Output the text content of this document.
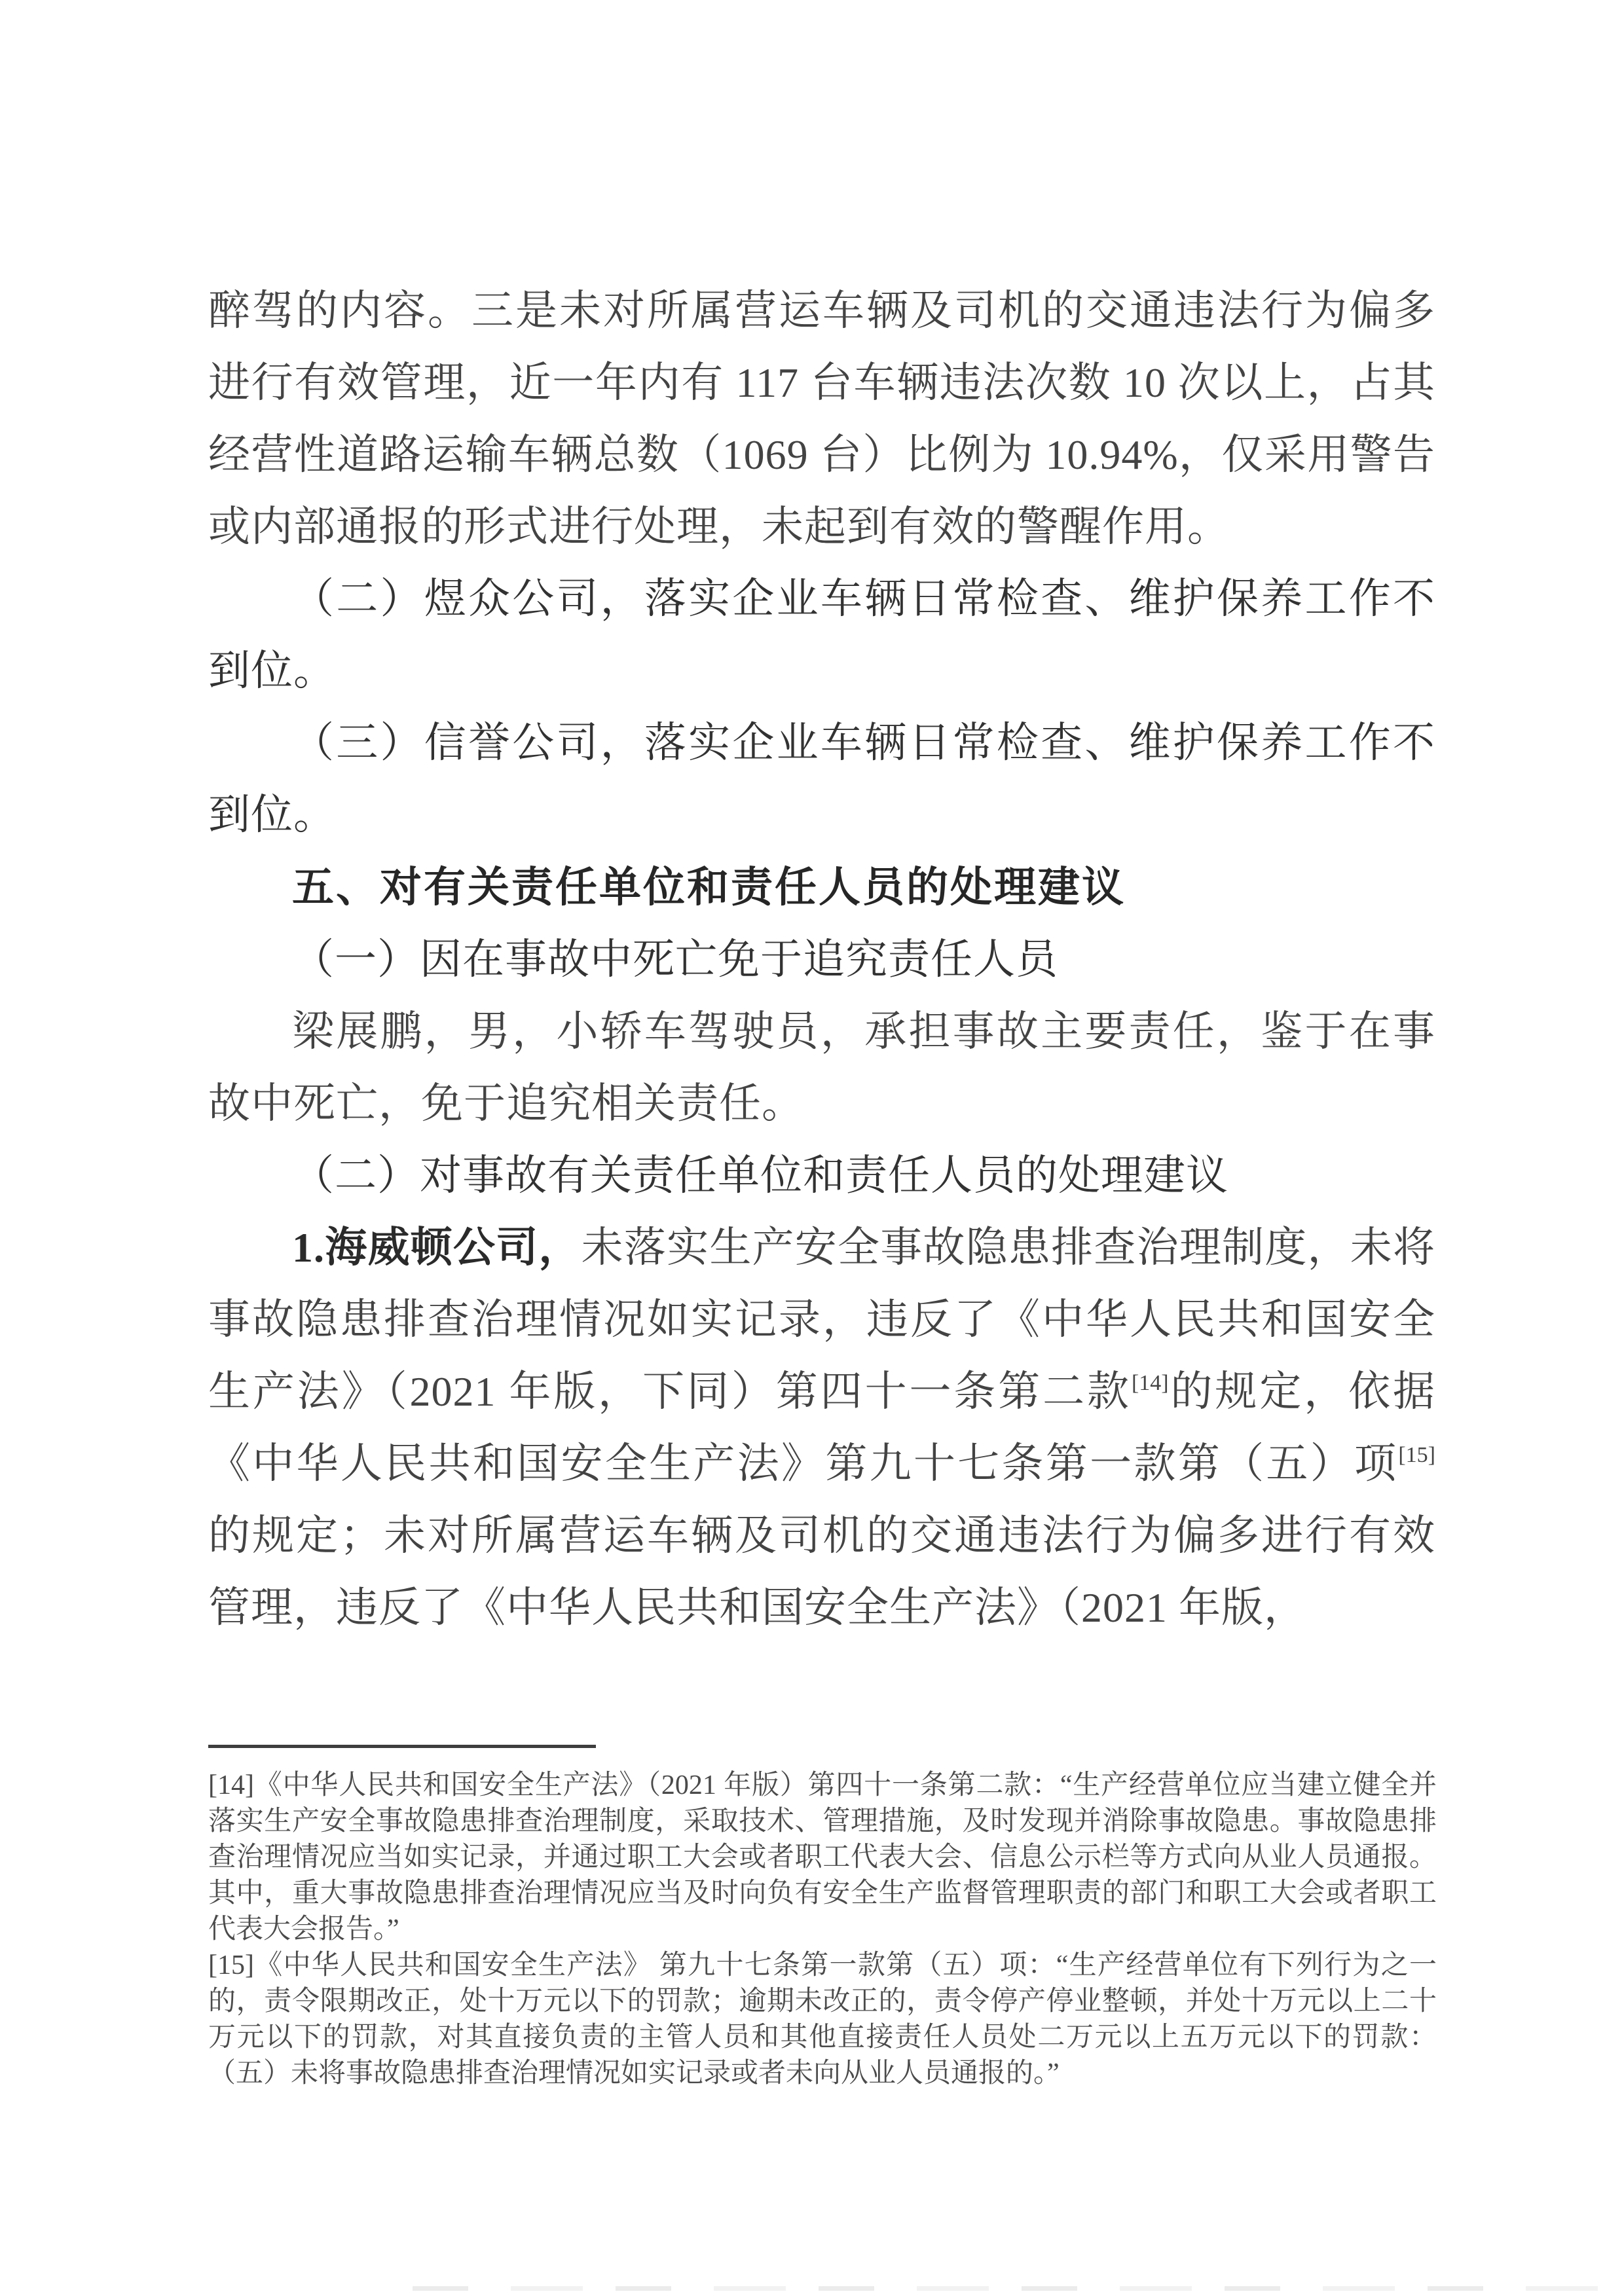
醉驾的内容。三是未对所属营运车辆及司机的交通违法行为偏多进行有效管理，近一年内有 117 台车辆违法次数 10 次以上，占其经营性道路运输车辆总数（1069 台）比例为 10.94%，仅采用警告或内部通报的形式进行处理，未起到有效的警醒作用。

（二）煜众公司，落实企业车辆日常检查、维护保养工作不到位。

（三）信誉公司，落实企业车辆日常检查、维护保养工作不到位。

五、对有关责任单位和责任人员的处理建议

（一）因在事故中死亡免于追究责任人员

梁展鹏，男，小轿车驾驶员，承担事故主要责任，鉴于在事故中死亡，免于追究相关责任。

（二）对事故有关责任单位和责任人员的处理建议

1.海威顿公司，未落实生产安全事故隐患排查治理制度，未将事故隐患排查治理情况如实记录，违反了《中华人民共和国安全生产法》（2021 年版，下同）第四十一条第二款[14]的规定，依据《中华人民共和国安全生产法》第九十七条第一款第（五）项[15]的规定；未对所属营运车辆及司机的交通违法行为偏多进行有效管理，违反了《中华人民共和国安全生产法》（2021 年版，

[14]《中华人民共和国安全生产法》（2021 年版）第四十一条第二款：“生产经营单位应当建立健全并落实生产安全事故隐患排查治理制度，采取技术、管理措施，及时发现并消除事故隐患。事故隐患排查治理情况应当如实记录，并通过职工大会或者职工代表大会、信息公示栏等方式向从业人员通报。其中，重大事故隐患排查治理情况应当及时向负有安全生产监督管理职责的部门和职工大会或者职工代表大会报告。”

[15]《中华人民共和国安全生产法》 第九十七条第一款第（五）项：“生产经营单位有下列行为之一的，责令限期改正，处十万元以下的罚款；逾期未改正的，责令停产停业整顿，并处十万元以上二十万元以下的罚款，对其直接负责的主管人员和其他直接责任人员处二万元以上五万元以下的罚款：（五）未将事故隐患排查治理情况如实记录或者未向从业人员通报的。”
